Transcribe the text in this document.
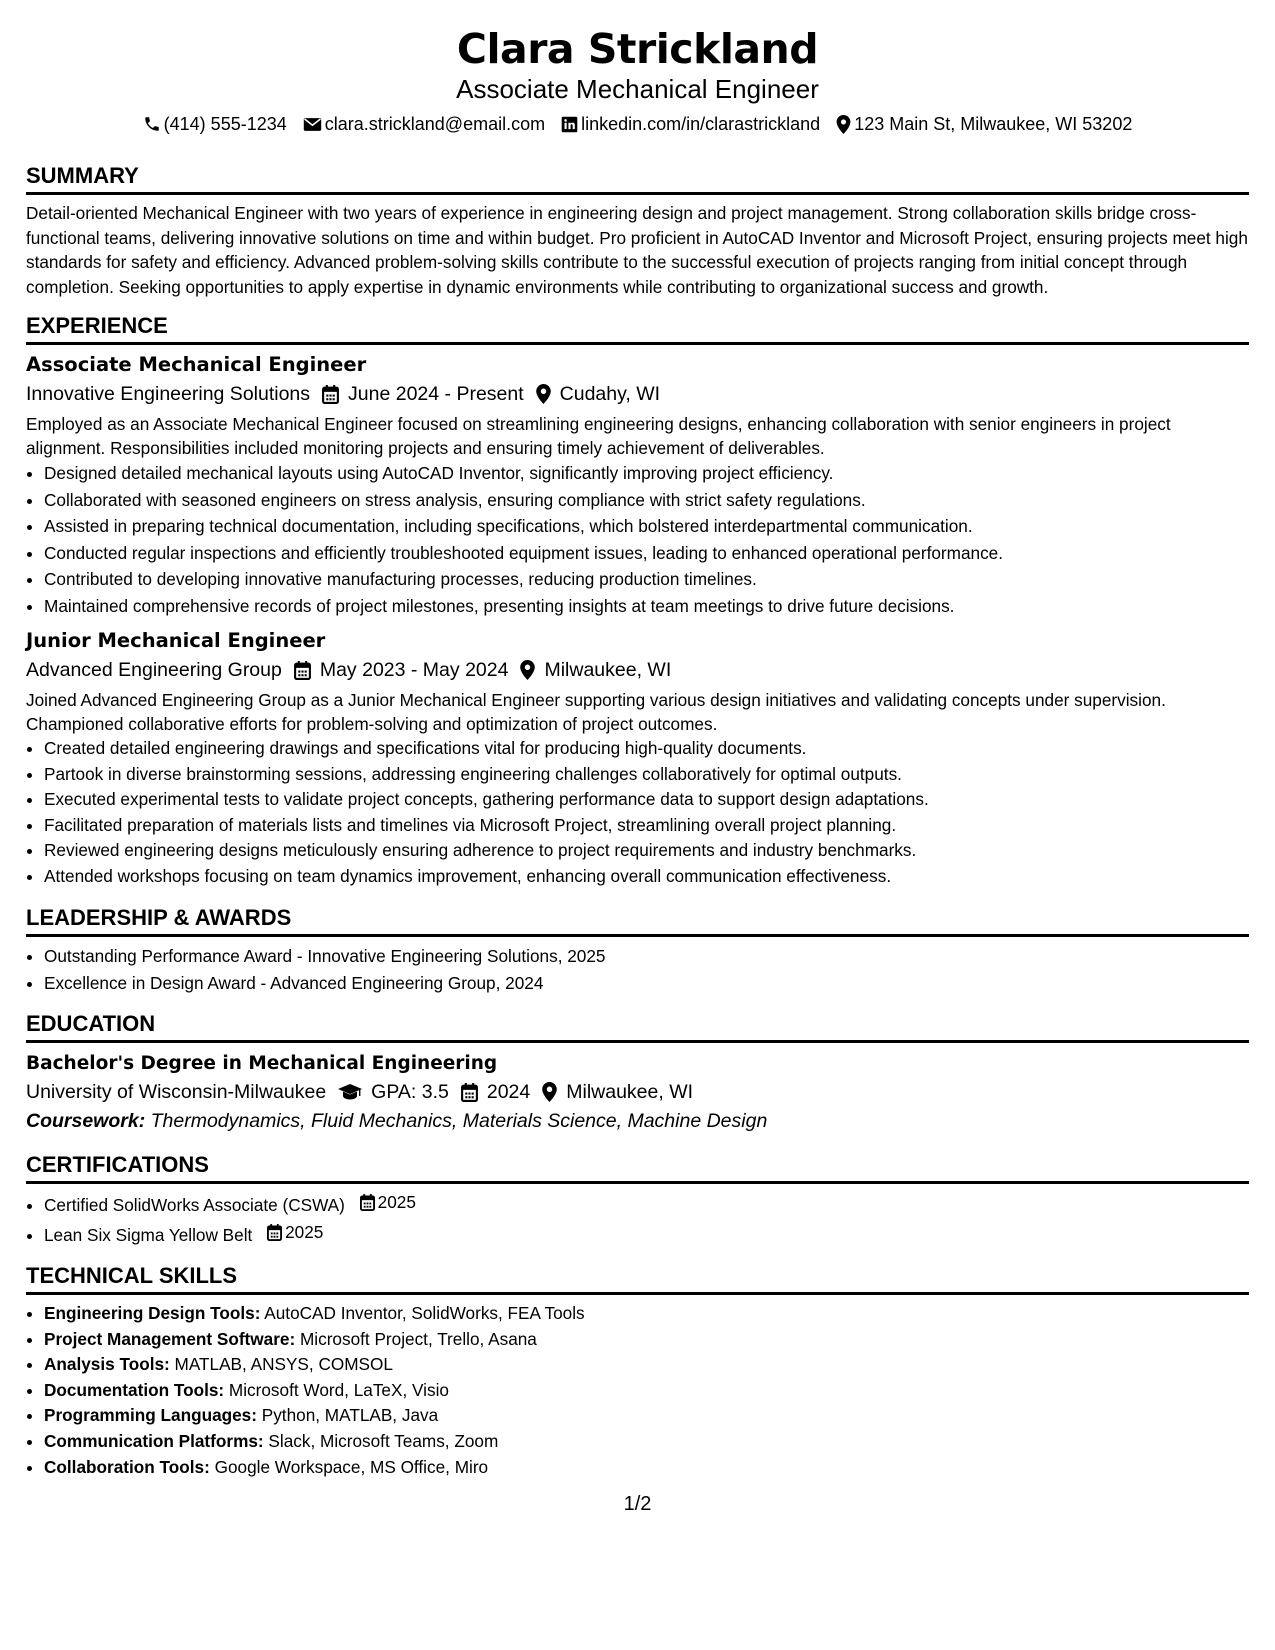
Clara Strickland
Associate Mechanical Engineer
(414) 555-1234 clara.strickland@email.com linkedin.com/in/clarastrickland 123 Main St, Milwaukee, WI 53202
SUMMARY
Detail-oriented Mechanical Engineer with two years of experience in engineering design and project management. Strong collaboration skills bridge cross-functional teams, delivering innovative solutions on time and within budget. Pro proficient in AutoCAD Inventor and Microsoft Project, ensuring projects meet high standards for safety and efficiency. Advanced problem-solving skills contribute to the successful execution of projects ranging from initial concept through completion. Seeking opportunities to apply expertise in dynamic environments while contributing to organizational success and growth.
EXPERIENCE
Associate Mechanical Engineer
Innovative Engineering Solutions June 2024 - Present Cudahy, WI
Employed as an Associate Mechanical Engineer focused on streamlining engineering designs, enhancing collaboration with senior engineers in project alignment. Responsibilities included monitoring projects and ensuring timely achievement of deliverables.
• Designed detailed mechanical layouts using AutoCAD Inventor, significantly improving project efficiency.
• Collaborated with seasoned engineers on stress analysis, ensuring compliance with strict safety regulations.
• Assisted in preparing technical documentation, including specifications, which bolstered interdepartmental communication.
• Conducted regular inspections and efficiently troubleshooted equipment issues, leading to enhanced operational performance.
• Contributed to developing innovative manufacturing processes, reducing production timelines.
• Maintained comprehensive records of project milestones, presenting insights at team meetings to drive future decisions.
Junior Mechanical Engineer
Advanced Engineering Group May 2023 - May 2024 Milwaukee, WI
Joined Advanced Engineering Group as a Junior Mechanical Engineer supporting various design initiatives and validating concepts under supervision. Championed collaborative efforts for problem-solving and optimization of project outcomes.
• Created detailed engineering drawings and specifications vital for producing high-quality documents.
• Partook in diverse brainstorming sessions, addressing engineering challenges collaboratively for optimal outputs.
• Executed experimental tests to validate project concepts, gathering performance data to support design adaptations.
• Facilitated preparation of materials lists and timelines via Microsoft Project, streamlining overall project planning.
• Reviewed engineering designs meticulously ensuring adherence to project requirements and industry benchmarks.
• Attended workshops focusing on team dynamics improvement, enhancing overall communication effectiveness.
LEADERSHIP & AWARDS
• Outstanding Performance Award - Innovative Engineering Solutions, 2025
• Excellence in Design Award - Advanced Engineering Group, 2024
EDUCATION
Bachelor's Degree in Mechanical Engineering
University of Wisconsin-Milwaukee GPA: 3.5 2024 Milwaukee, WI
Coursework: Thermodynamics, Fluid Mechanics, Materials Science, Machine Design
CERTIFICATIONS
• Certified SolidWorks Associate (CSWA) 2025
• Lean Six Sigma Yellow Belt 2025
TECHNICAL SKILLS
• Engineering Design Tools: AutoCAD Inventor, SolidWorks, FEA Tools
• Project Management Software: Microsoft Project, Trello, Asana
• Analysis Tools: MATLAB, ANSYS, COMSOL
• Documentation Tools: Microsoft Word, LaTeX, Visio
• Programming Languages: Python, MATLAB, Java
• Communication Platforms: Slack, Microsoft Teams, Zoom
• Collaboration Tools: Google Workspace, MS Office, Miro
1/2
